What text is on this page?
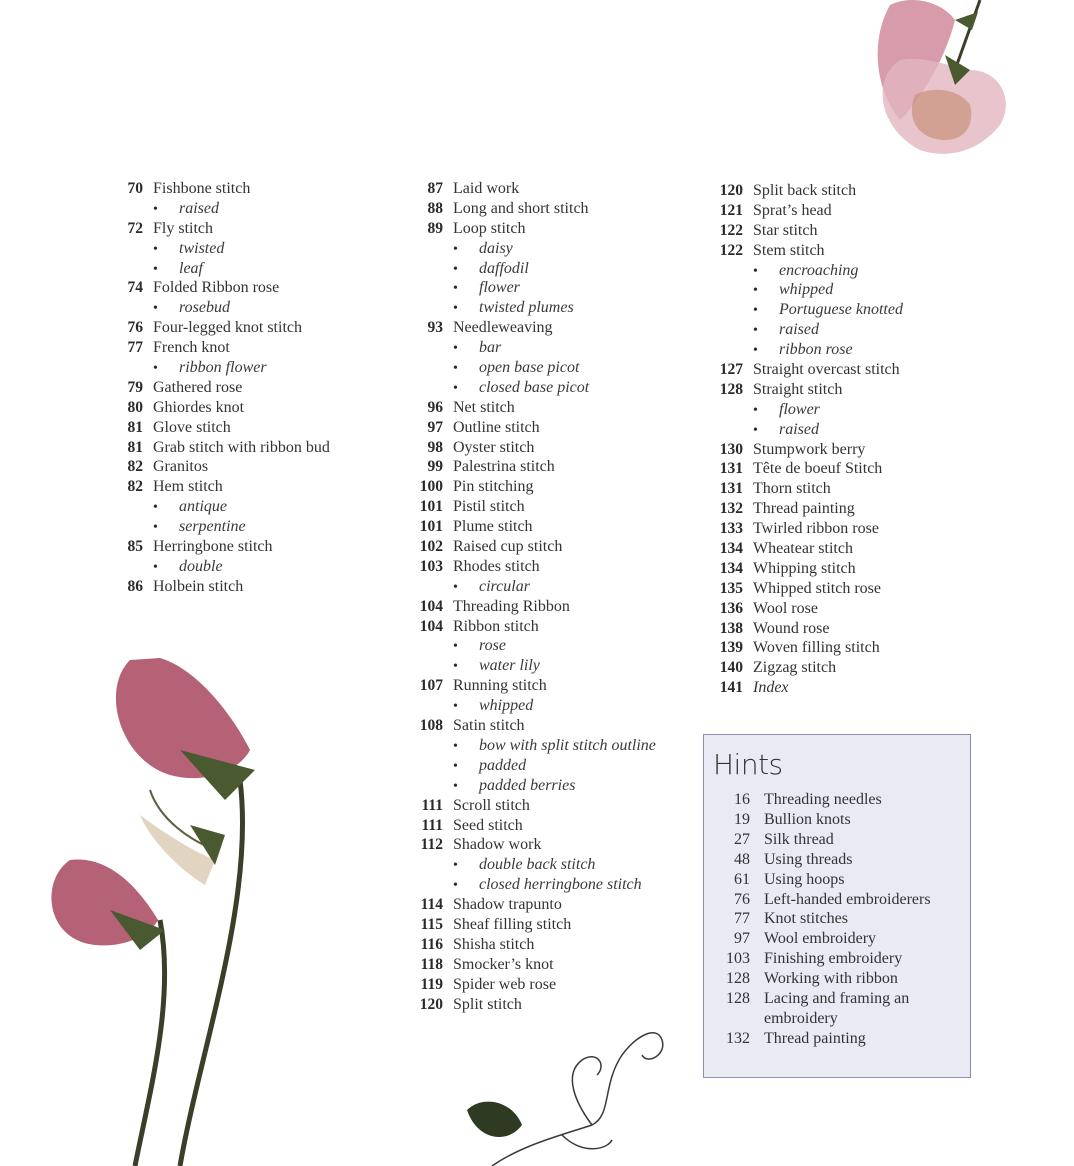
70 Fishbone stitch
•	raised
72 Fly stitch
•	twisted
•	leaf
74 Folded Ribbon rose
•	rosebud
76 Four-legged knot stitch
77 French knot
•	ribbon flower
79 Gathered rose
80 Ghiordes knot
81 Glove stitch
81 Grab stitch with ribbon bud
82 Granitos
82 Hem stitch
•	antique
•	serpentine
85 Herringbone stitch
•	double
86 Holbein stitch
87 Laid work
88 Long and short stitch
89 Loop stitch
•	daisy
•	daffodil
•	flower
•	twisted plumes
93 Needleweaving
•	bar
•	open base picot
•	closed base picot
96 Net stitch
97 Outline stitch
98 Oyster stitch
99 Palestrina stitch
100 Pin stitching
101 Pistil stitch
101 Plume stitch
102 Raised cup stitch
103 Rhodes stitch
•	circular
104 Threading Ribbon
104 Ribbon stitch
•	rose
•	water lily
107 Running stitch
•	whipped
108 Satin stitch
•	bow with split stitch outline
•	padded
•	padded berries
111 Scroll stitch
111 Seed stitch
112 Shadow work
•	double back stitch
•	closed herringbone stitch
114 Shadow trapunto
115 Sheaf filling stitch
116 Shisha stitch
118 Smocker’s knot
119 Spider web rose
120 Split stitch
120 Split back stitch
121 Sprat’s head
122 Star stitch
122 Stem stitch
•	encroaching
•	whipped
•	Portuguese knotted
•	raised
•	ribbon rose
127 Straight overcast stitch
128 Straight stitch
•	flower
•	raised
130 Stumpwork berry
131 Tête de boeuf Stitch
131 Thorn stitch
132 Thread painting
133 Twirled ribbon rose
134 Wheatear stitch
134 Whipping stitch
135 Whipped stitch rose
136 Wool rose
138 Wound rose
139 Woven filling stitch
140 Zigzag stitch
141 Index
Hints
16 Threading needles
19 Bullion knots
27 Silk thread
48 Using threads
61 Using hoops
76 Left-handed embroiderers
77 Knot stitches
97 Wool embroidery
103 Finishing embroidery
128 Working with ribbon
128 Lacing and framing an embroidery
132 Thread painting
